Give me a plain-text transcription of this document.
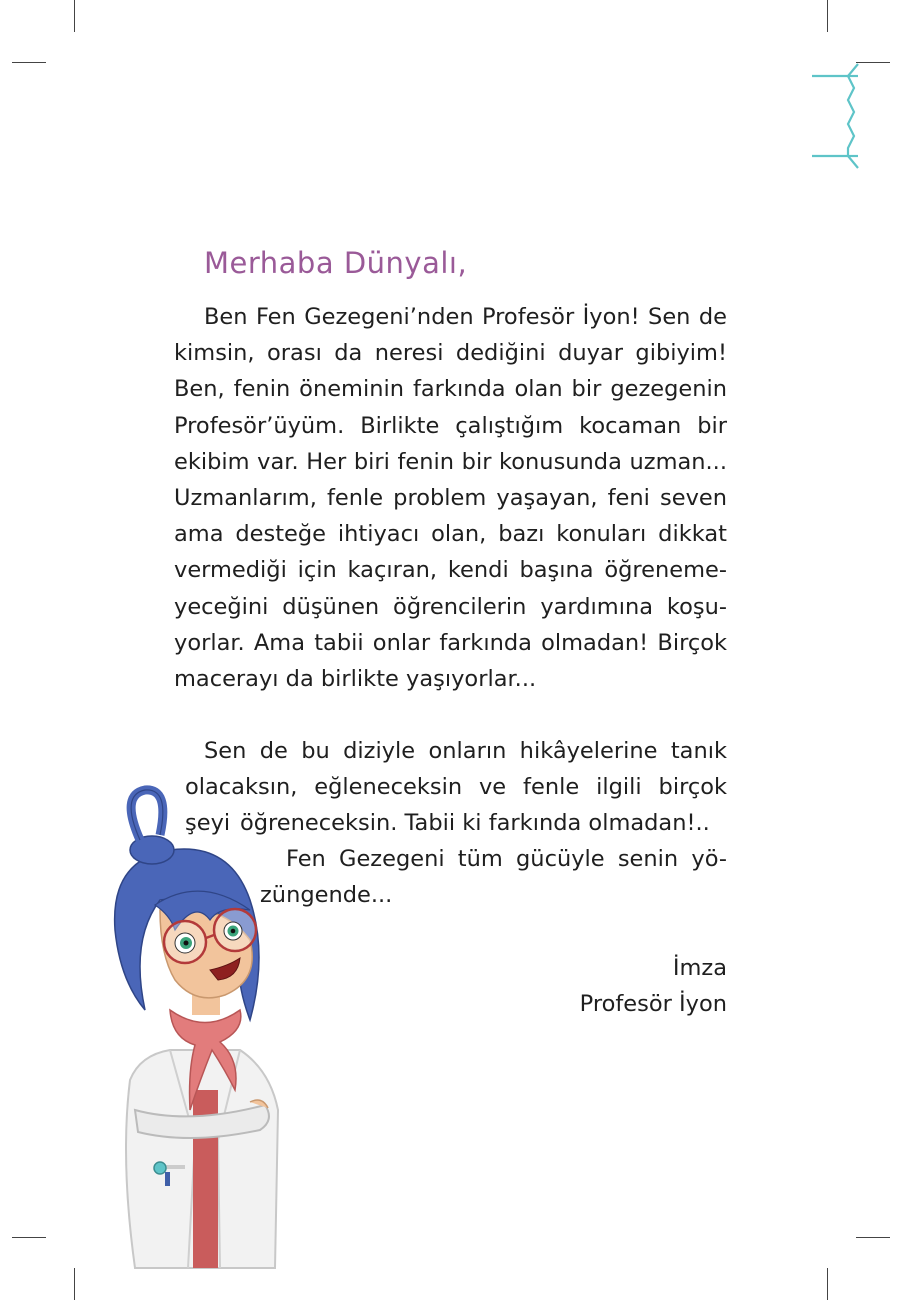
Merhaba Dünyalı,
Ben Fen Gezegeni’nden Profesör İyon! Sen de kimsin, orası da neresi dediğini duyar gibiyim! Ben, fenin öneminin farkında olan bir gezegenin Profesör’üyüm. Birlikte çalıştığım kocaman bir ekibim var. Her biri fenin bir konusunda uzman... Uzmanlarım, fenle problem yaşayan, feni seven ama desteğe ihtiyacı olan, bazı konuları dikkat vermediği için kaçıran, kendi başına öğreneme-yeceğini düşünen öğrencilerin yardımına koşu-yorlar. Ama tabii onlar farkında olmadan! Birçok macerayı da birlikte yaşıyorlar...
Sen de bu diziyle onların hikâyelerine tanık
olacaksın, eğleneceksin ve fenle ilgili birçok şeyi öğreneceksin. Tabii ki farkında olmadan!..
Fen Gezegeni tüm gücüyle senin yö-
züngende...
İmza
Profesör İyon
